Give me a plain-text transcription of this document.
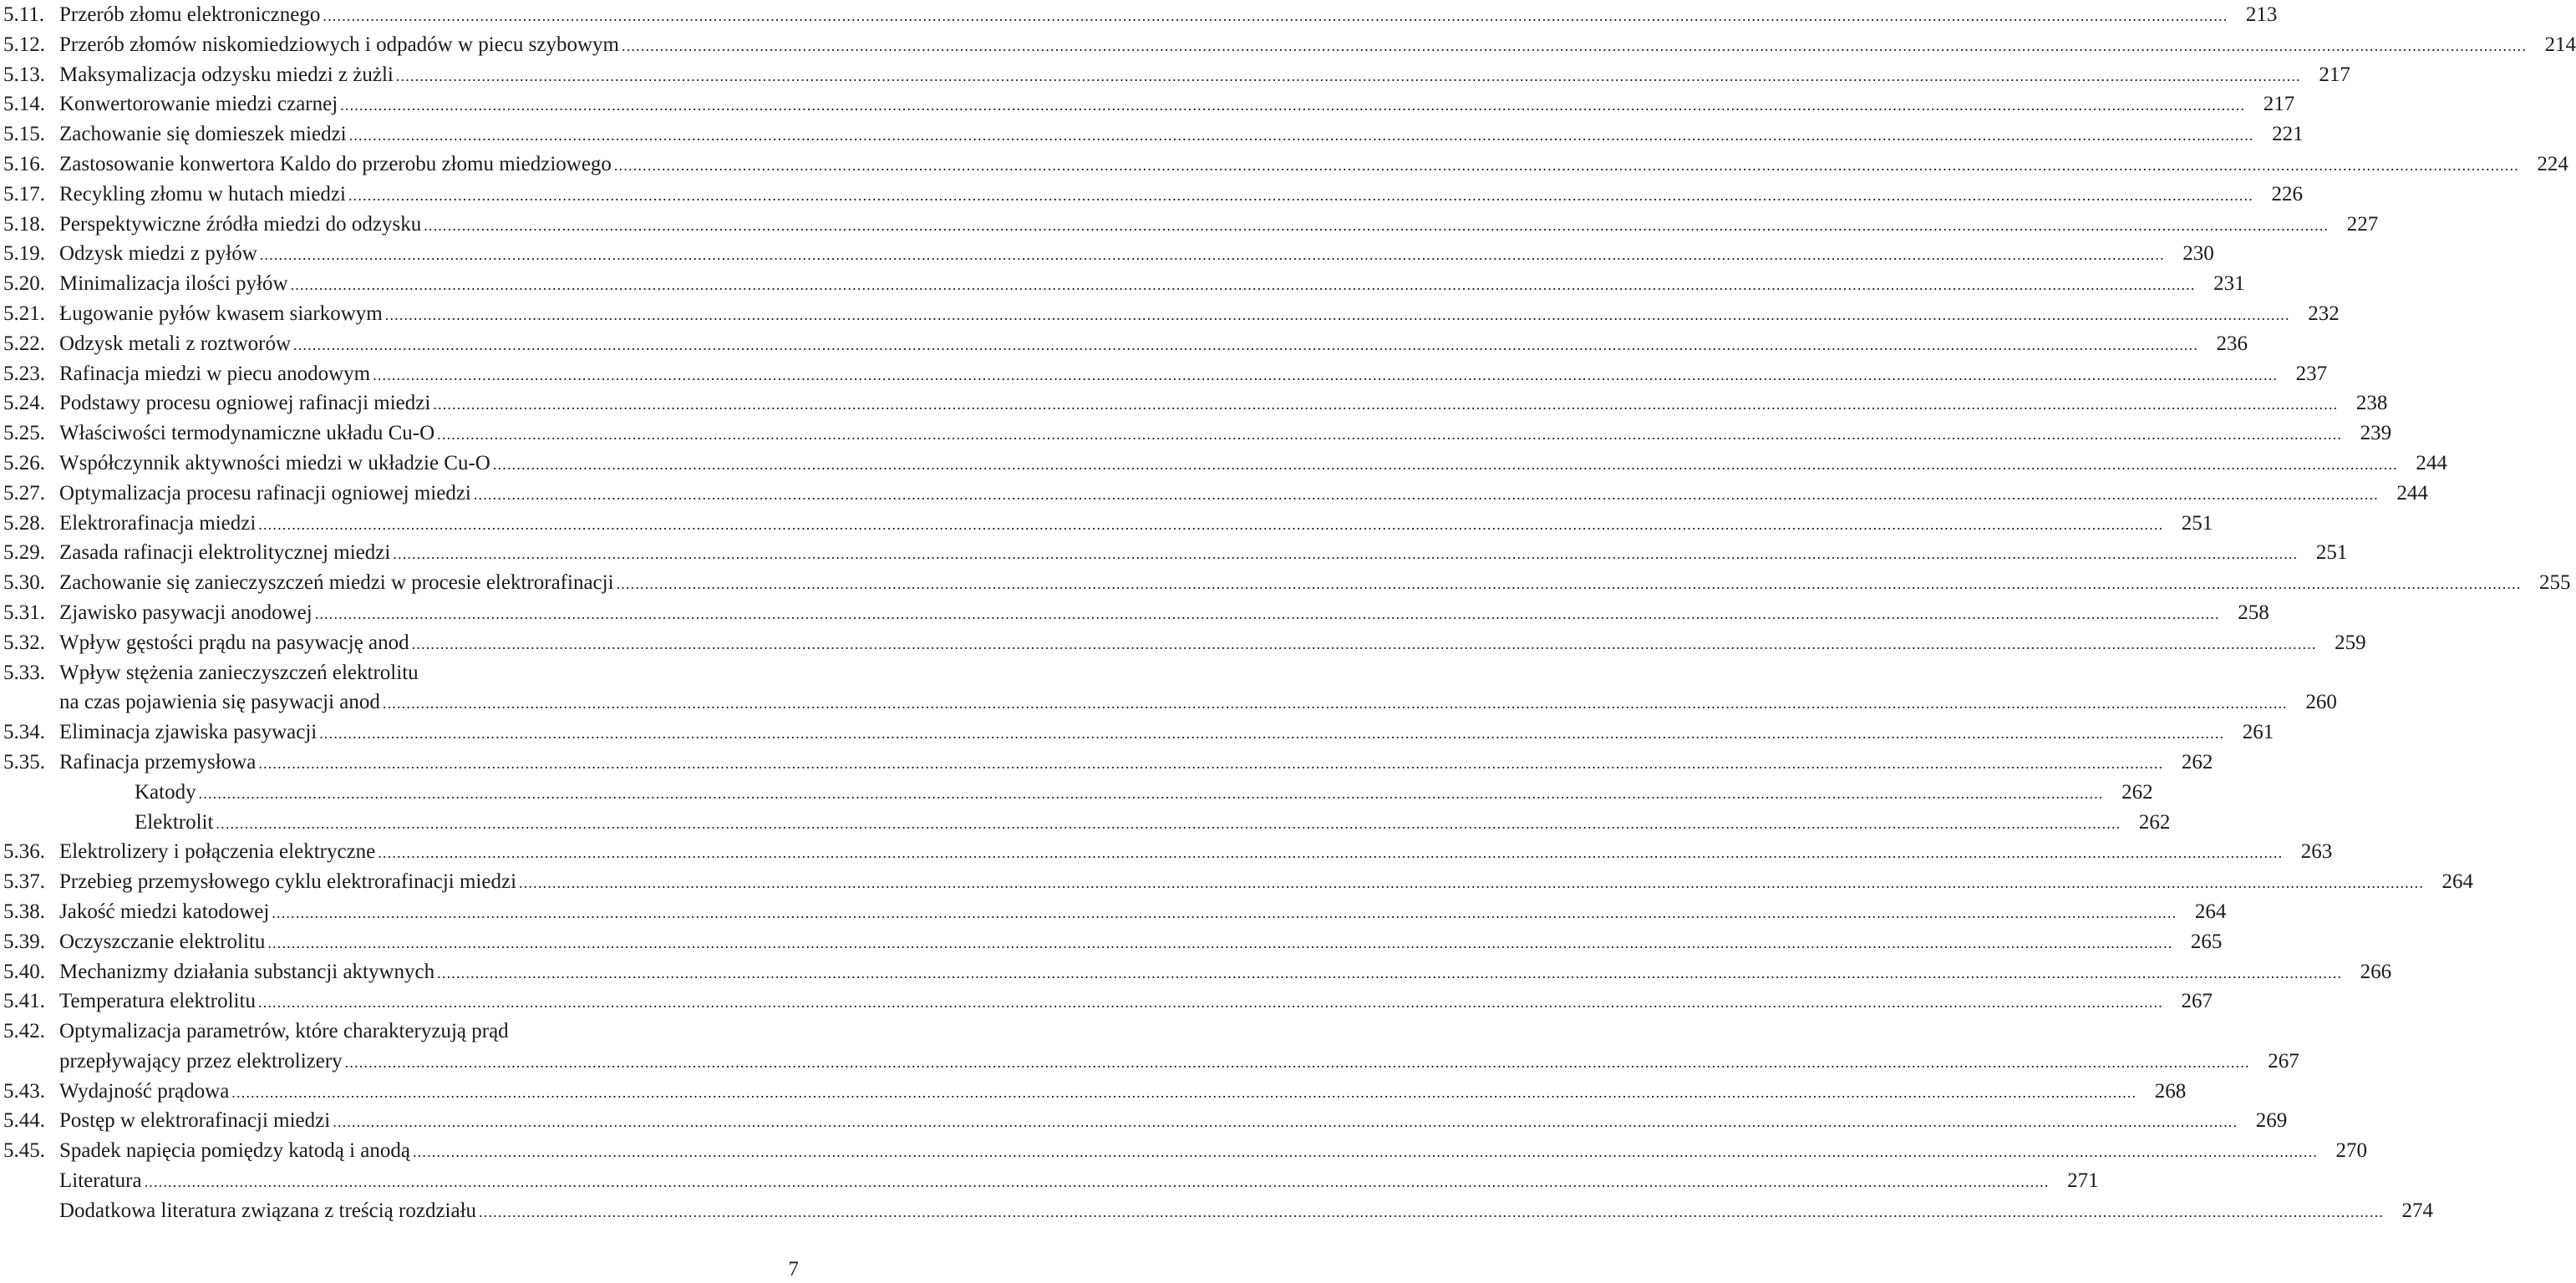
5.11. Przerób złomu elektronicznego ................................................................................................................................................................................................................................................................................................................................................................................................................ 213
5.12. Przerób złomów niskomiedziowych i odpadów w piecu szybowym ................................................................................................................................................................................................................................................................................................................................................................................................................ 214
5.13. Maksymalizacja odzysku miedzi z żużli ................................................................................................................................................................................................................................................................................................................................................................................................................ 217
5.14. Konwertorowanie miedzi czarnej ................................................................................................................................................................................................................................................................................................................................................................................................................ 217
5.15. Zachowanie się domieszek miedzi ................................................................................................................................................................................................................................................................................................................................................................................................................ 221
5.16. Zastosowanie konwertora Kaldo do przerobu złomu miedziowego ................................................................................................................................................................................................................................................................................................................................................................................................................ 224
5.17. Recykling złomu w hutach miedzi ................................................................................................................................................................................................................................................................................................................................................................................................................ 226
5.18. Perspektywiczne źródła miedzi do odzysku ................................................................................................................................................................................................................................................................................................................................................................................................................ 227
5.19. Odzysk miedzi z pyłów ................................................................................................................................................................................................................................................................................................................................................................................................................ 230
5.20. Minimalizacja ilości pyłów ................................................................................................................................................................................................................................................................................................................................................................................................................ 231
5.21. Ługowanie pyłów kwasem siarkowym ................................................................................................................................................................................................................................................................................................................................................................................................................ 232
5.22. Odzysk metali z roztworów ................................................................................................................................................................................................................................................................................................................................................................................................................ 236
5.23. Rafinacja miedzi w piecu anodowym ................................................................................................................................................................................................................................................................................................................................................................................................................ 237
5.24. Podstawy procesu ogniowej rafinacji miedzi ................................................................................................................................................................................................................................................................................................................................................................................................................ 238
5.25. Właściwości termodynamiczne układu Cu-O ................................................................................................................................................................................................................................................................................................................................................................................................................ 239
5.26. Współczynnik aktywności miedzi w układzie Cu-O ................................................................................................................................................................................................................................................................................................................................................................................................................ 244
5.27. Optymalizacja procesu rafinacji ogniowej miedzi ................................................................................................................................................................................................................................................................................................................................................................................................................ 244
5.28. Elektrorafinacja miedzi ................................................................................................................................................................................................................................................................................................................................................................................................................ 251
5.29. Zasada rafinacji elektrolitycznej miedzi ................................................................................................................................................................................................................................................................................................................................................................................................................ 251
5.30. Zachowanie się zanieczyszczeń miedzi w procesie elektrorafinacji ................................................................................................................................................................................................................................................................................................................................................................................................................ 255
5.31. Zjawisko pasywacji anodowej ................................................................................................................................................................................................................................................................................................................................................................................................................ 258
5.32. Wpływ gęstości prądu na pasywację anod ................................................................................................................................................................................................................................................................................................................................................................................................................ 259
5.33. Wpływ stężenia zanieczyszczeń elektrolitu
na czas pojawienia się pasywacji anod ................................................................................................................................................................................................................................................................................................................................................................................................................ 260
5.34. Eliminacja zjawiska pasywacji ................................................................................................................................................................................................................................................................................................................................................................................................................ 261
5.35. Rafinacja przemysłowa ................................................................................................................................................................................................................................................................................................................................................................................................................ 262
Katody ................................................................................................................................................................................................................................................................................................................................................................................................................ 262
Elektrolit ................................................................................................................................................................................................................................................................................................................................................................................................................ 262
5.36. Elektrolizery i połączenia elektryczne ................................................................................................................................................................................................................................................................................................................................................................................................................ 263
5.37. Przebieg przemysłowego cyklu elektrorafinacji miedzi ................................................................................................................................................................................................................................................................................................................................................................................................................ 264
5.38. Jakość miedzi katodowej ................................................................................................................................................................................................................................................................................................................................................................................................................ 264
5.39. Oczyszczanie elektrolitu ................................................................................................................................................................................................................................................................................................................................................................................................................ 265
5.40. Mechanizmy działania substancji aktywnych ................................................................................................................................................................................................................................................................................................................................................................................................................ 266
5.41. Temperatura elektrolitu ................................................................................................................................................................................................................................................................................................................................................................................................................ 267
5.42. Optymalizacja parametrów, które charakteryzują prąd
przepływający przez elektrolizery ................................................................................................................................................................................................................................................................................................................................................................................................................ 267
5.43. Wydajność prądowa ................................................................................................................................................................................................................................................................................................................................................................................................................ 268
5.44. Postęp w elektrorafinacji miedzi ................................................................................................................................................................................................................................................................................................................................................................................................................ 269
5.45. Spadek napięcia pomiędzy katodą i anodą ................................................................................................................................................................................................................................................................................................................................................................................................................ 270
Literatura ................................................................................................................................................................................................................................................................................................................................................................................................................ 271
Dodatkowa literatura związana z treścią rozdziału ................................................................................................................................................................................................................................................................................................................................................................................................................ 274
7
